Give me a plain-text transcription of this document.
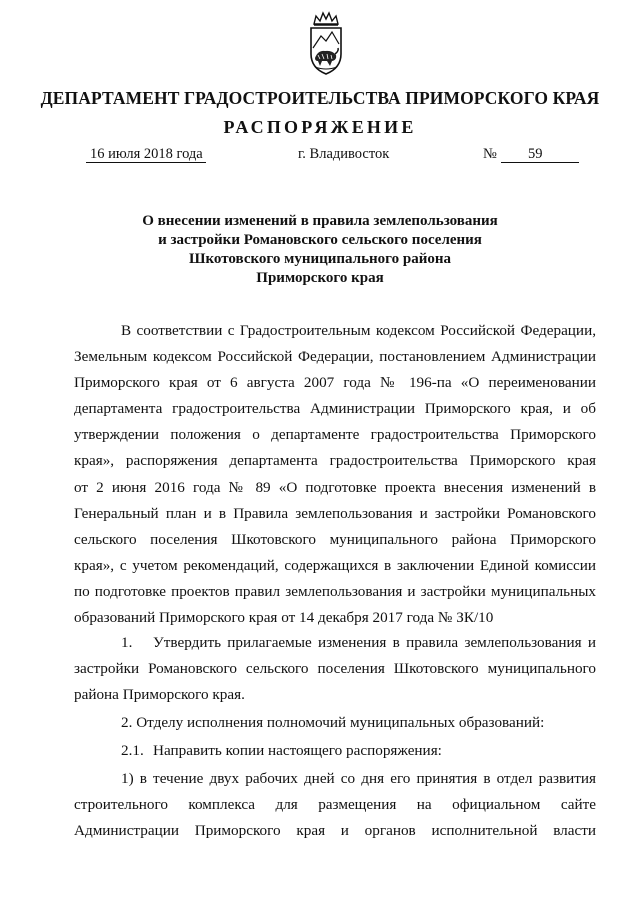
ДЕПАРТАМЕНТ ГРАДОСТРОИТЕЛЬСТВА ПРИМОРСКОГО КРАЯ
РАСПОРЯЖЕНИЕ
16 июля 2018 года	г. Владивосток	№ 59
О внесении изменений в правила землепользования
и застройки Романовского сельского поселения
Шкотовского муниципального района
Приморского края
В соответствии с Градостроительным кодексом Российской Федерации,
Земельным кодексом Российской Федерации, постановлением Администрации
Приморского края от 6 августа 2007 года № 196-па «О переименовании
департамента градостроительства Администрации Приморского края, и об
утверждении положения о департаменте градостроительства Приморского
края», распоряжения департамента градостроительства Приморского края
от 2 июня 2016 года № 89 «О подготовке проекта внесения изменений в
Генеральный план и в Правила землепользования и застройки Романовского
сельского поселения Шкотовского муниципального района Приморского
края», с учетом рекомендаций, содержащихся в заключении Единой комиссии
по подготовке проектов правил землепользования и застройки муниципальных
образований Приморского края от 14 декабря 2017 года № ЗК/10
1. Утвердить прилагаемые изменения в правила землепользования и
застройки Романовского сельского поселения Шкотовского муниципального
района Приморского края.
2. Отделу исполнения полномочий муниципальных образований:
2.1. Направить копии настоящего распоряжения:
1) в течение двух рабочих дней со дня его принятия в отдел развития
строительного комплекса для размещения на официальном сайте
Администрации Приморского края и органов исполнительной власти
